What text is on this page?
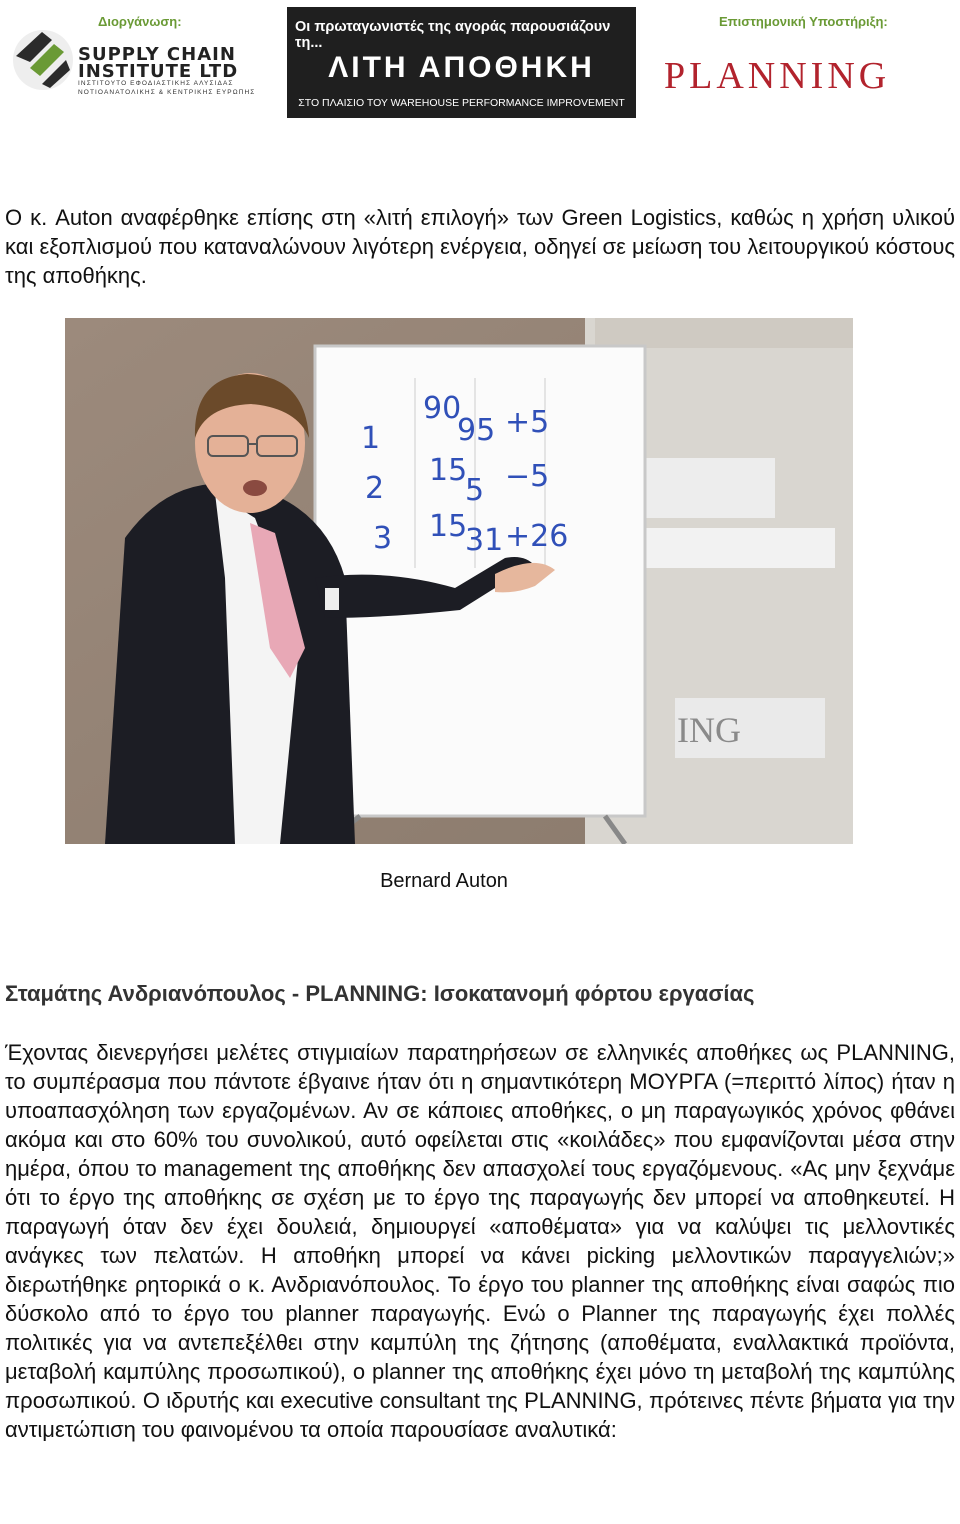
Διοργάνωση:
SUPPLY CHAIN INSTITUTE LTD
ΙΝΣΤΙΤΟΥΤΟ ΕΦΟΔΙΑΣΤΙΚΗΣ ΑΛΥΣΙΔΑΣ ΝΟΤΙΟΑΝΑΤΟΛΙΚΗΣ & ΚΕΝΤΡΙΚΗΣ ΕΥΡΩΠΗΣ
Οι πρωταγωνιστές της αγοράς παρουσιάζουν τη...
ΛΙΤΗ ΑΠΟΘΗΚΗ
ΣΤΟ ΠΛΑΙΣΙΟ ΤΟΥ WAREHOUSE PERFORMANCE IMPROVEMENT
Επιστημονική Υποστήριξη:
PLANNING

Ο κ. Auton αναφέρθηκε επίσης στη «λιτή επιλογή» των Green Logistics, καθώς η χρήση υλικού και εξοπλισμού που καταναλώνουν λιγότερη ενέργεια, οδηγεί σε μείωση του λειτουργικού κόστους της αποθήκης.

ING
1
90
95 +5
2
15
5 −5
3 15
31 +26
Bernard Auton
Σταμάτης Ανδριανόπουλος - PLANNING: Ισοκατανομή φόρτου εργασίας

Έχοντας διενεργήσει μελέτες στιγμιαίων παρατηρήσεων σε ελληνικές αποθήκες ως PLANNING, το συμπέρασμα που πάντοτε έβγαινε ήταν ότι η σημαντικότερη ΜΟΥΡΓΑ (=περιττό λίπος) ήταν η υποαπασχόληση των εργαζομένων. Αν σε κάποιες αποθήκες, ο μη παραγωγικός χρόνος φθάνει ακόμα και στο 60% του συνολικού, αυτό οφείλεται στις «κοιλάδες» που εμφανίζονται μέσα στην ημέρα, όπου το management της αποθήκης δεν απασχολεί τους εργαζόμενους. «Ας μην ξεχνάμε ότι το έργο της αποθήκης σε σχέση με το έργο της παραγωγής δεν μπορεί να αποθηκευτεί. Η παραγωγή όταν δεν έχει δουλειά, δημιουργεί «αποθέματα» για να καλύψει τις μελλοντικές ανάγκες των πελατών. Η αποθήκη μπορεί να κάνει picking μελλοντικών παραγγελιών;» διερωτήθηκε ρητορικά ο κ. Ανδριανόπουλος. Το έργο του planner της αποθήκης είναι σαφώς πιο δύσκολο από το έργο του planner παραγωγής. Ενώ ο Planner της παραγωγής έχει πολλές πολιτικές για να αντεπεξέλθει στην καμπύλη της ζήτησης (αποθέματα, εναλλακτικά προϊόντα, μεταβολή καμπύλης προσωπικού), ο planner της αποθήκης έχει μόνο τη μεταβολή της καμπύλης προσωπικού. Ο ιδρυτής και executive consultant της PLANNING, πρότεινες πέντε βήματα για την αντιμετώπιση του φαινομένου τα οποία παρουσίασε αναλυτικά:
